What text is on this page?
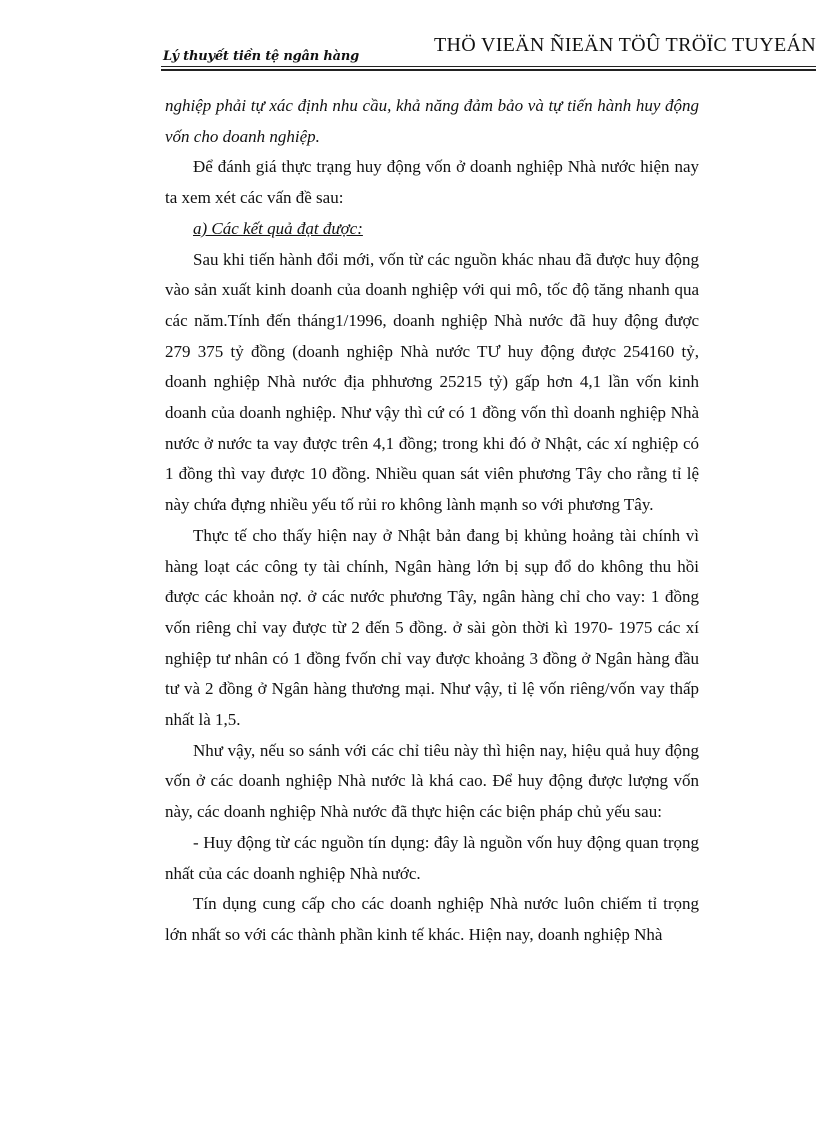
Lý thuyết tiền tệ ngân hàng
THÖ VIEÄN ÑIEÄN TÖÛ TRÖÏC TUYEÁN

nghiệp phải tự xác định nhu cầu, khả năng đảm bảo và tự tiến hành huy động vốn cho doanh nghiệp.

Để đánh giá thực trạng huy động vốn ở doanh nghiệp Nhà nước hiện nay ta xem xét các vấn đề sau:

a) Các kết quả đạt được:

Sau khi tiến hành đổi mới, vốn từ các nguồn khác nhau đã được huy động vào sản xuất kinh doanh của doanh nghiệp với qui mô, tốc độ tăng nhanh qua các năm.Tính đến tháng1/1996, doanh nghiệp Nhà nước đã huy động được 279 375 tỷ đồng (doanh nghiệp Nhà nước TƯ huy động được 254160 tỷ, doanh nghiệp Nhà nước địa phhương 25215 tỷ) gấp hơn 4,1 lần vốn kinh doanh của doanh nghiệp. Như vậy thì cứ có 1 đồng vốn thì doanh nghiệp Nhà nước ở nước ta vay được trên 4,1 đồng; trong khi đó ở Nhật, các xí nghiệp có 1 đồng thì vay được 10 đồng. Nhiều quan sát viên phương Tây cho rằng tỉ lệ này chứa đựng nhiều yếu tố rủi ro không lành mạnh so với phương Tây.

Thực tế cho thấy hiện nay ở Nhật bản đang bị khủng hoảng tài chính vì hàng loạt các công ty tài chính, Ngân hàng lớn bị sụp đổ do không thu hồi được các khoản nợ. ở các nước phương Tây, ngân hàng chỉ cho vay: 1 đồng vốn riêng chỉ vay được từ 2 đến 5 đồng. ở sài gòn thời kì 1970- 1975 các xí nghiệp tư nhân có 1 đồng fvốn chỉ vay được khoảng 3 đồng ở Ngân hàng đầu tư và 2 đồng ở Ngân hàng thương mại. Như vậy, tỉ lệ vốn riêng/vốn vay thấp nhất là 1,5.

Như vậy, nếu so sánh với các chỉ tiêu này thì hiện nay, hiệu quả huy động vốn ở các doanh nghiệp Nhà nước là khá cao. Để huy động được lượng vốn này, các doanh nghiệp Nhà nước đã thực hiện các biện pháp chủ yếu sau:

- Huy động từ các nguồn tín dụng: đây là nguồn vốn huy động quan trọng nhất của các doanh nghiệp Nhà nước.

Tín dụng cung cấp cho các doanh nghiệp Nhà nước luôn chiếm tỉ trọng lớn nhất so với các thành phần kinh tế khác. Hiện nay, doanh nghiệp Nhà
